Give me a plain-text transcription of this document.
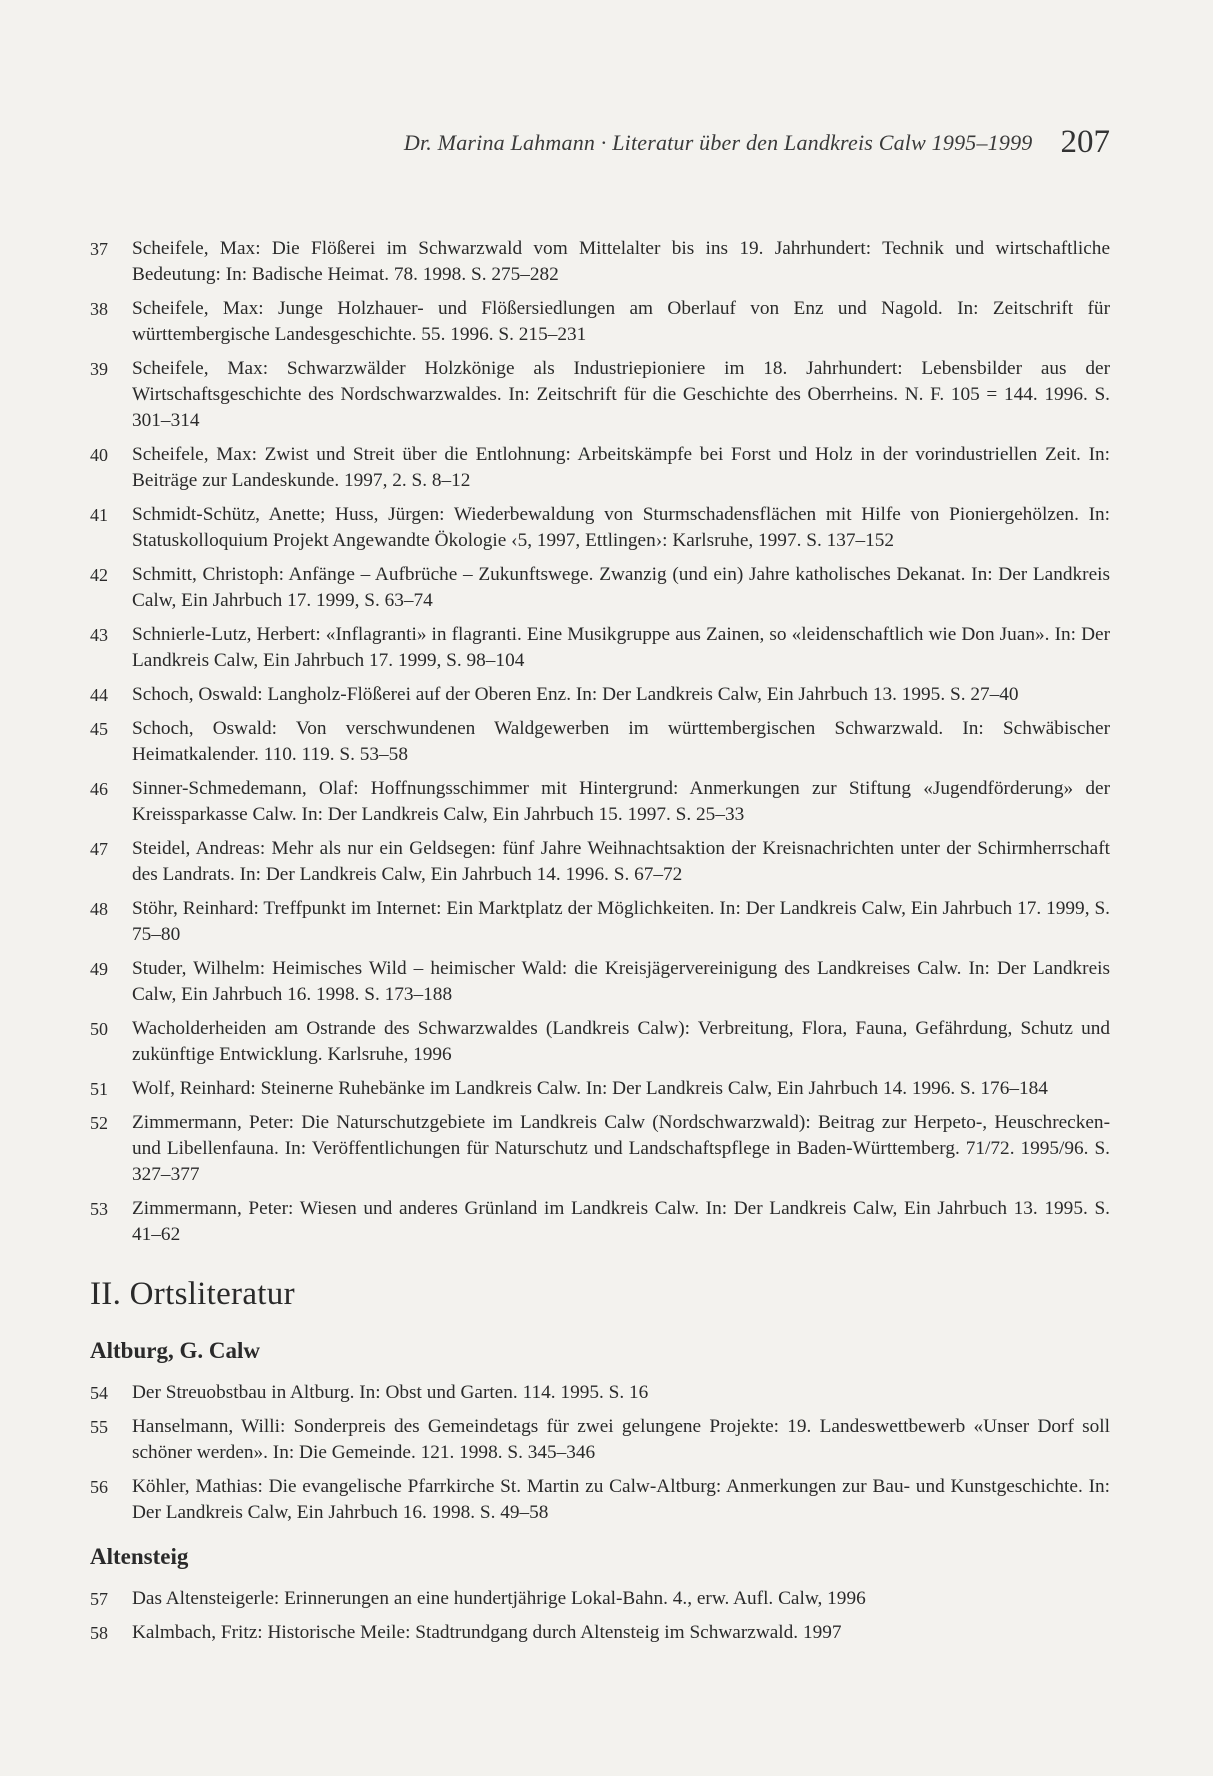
Dr. Marina Lahmann · Literatur über den Landkreis Calw 1995–1999 207
37	Scheifele, Max: Die Flößerei im Schwarzwald vom Mittelalter bis ins 19. Jahrhundert: Technik und wirtschaftliche Bedeutung: In: Badische Heimat. 78. 1998. S. 275–282
38	Scheifele, Max: Junge Holzhauer- und Flößersiedlungen am Oberlauf von Enz und Nagold. In: Zeitschrift für württembergische Landesgeschichte. 55. 1996. S. 215–231
39	Scheifele, Max: Schwarzwälder Holzkönige als Industriepioniere im 18. Jahrhundert: Lebensbilder aus der Wirtschaftsgeschichte des Nordschwarzwaldes. In: Zeitschrift für die Geschichte des Oberrheins. N. F. 105 = 144. 1996. S. 301–314
40	Scheifele, Max: Zwist und Streit über die Entlohnung: Arbeitskämpfe bei Forst und Holz in der vorindustriellen Zeit. In: Beiträge zur Landeskunde. 1997, 2. S. 8–12
41	Schmidt-Schütz, Anette; Huss, Jürgen: Wiederbewaldung von Sturmschadensflächen mit Hilfe von Pioniergehölzen. In: Statuskolloquium Projekt Angewandte Ökologie ‹5, 1997, Ettlingen›: Karlsruhe, 1997. S. 137–152
42	Schmitt, Christoph: Anfänge – Aufbrüche – Zukunftswege. Zwanzig (und ein) Jahre katholisches Dekanat. In: Der Landkreis Calw, Ein Jahrbuch 17. 1999, S. 63–74
43	Schnierle-Lutz, Herbert: «Inflagranti» in flagranti. Eine Musikgruppe aus Zainen, so «leidenschaftlich wie Don Juan». In: Der Landkreis Calw, Ein Jahrbuch 17. 1999, S. 98–104
44	Schoch, Oswald: Langholz-Flößerei auf der Oberen Enz. In: Der Landkreis Calw, Ein Jahrbuch 13. 1995. S. 27–40
45	Schoch, Oswald: Von verschwundenen Waldgewerben im württembergischen Schwarzwald. In: Schwäbischer Heimatkalender. 110. 119. S. 53–58
46	Sinner-Schmedemann, Olaf: Hoffnungsschimmer mit Hintergrund: Anmerkungen zur Stiftung «Jugendförderung» der Kreissparkasse Calw. In: Der Landkreis Calw, Ein Jahrbuch 15. 1997. S. 25–33
47	Steidel, Andreas: Mehr als nur ein Geldsegen: fünf Jahre Weihnachtsaktion der Kreisnachrichten unter der Schirmherrschaft des Landrats. In: Der Landkreis Calw, Ein Jahrbuch 14. 1996. S. 67–72
48	Stöhr, Reinhard: Treffpunkt im Internet: Ein Marktplatz der Möglichkeiten. In: Der Landkreis Calw, Ein Jahrbuch 17. 1999, S. 75–80
49	Studer, Wilhelm: Heimisches Wild – heimischer Wald: die Kreisjägervereinigung des Landkreises Calw. In: Der Landkreis Calw, Ein Jahrbuch 16. 1998. S. 173–188
50	Wacholderheiden am Ostrande des Schwarzwaldes (Landkreis Calw): Verbreitung, Flora, Fauna, Gefährdung, Schutz und zukünftige Entwicklung. Karlsruhe, 1996
51	Wolf, Reinhard: Steinerne Ruhebänke im Landkreis Calw. In: Der Landkreis Calw, Ein Jahrbuch 14. 1996. S. 176–184
52	Zimmermann, Peter: Die Naturschutzgebiete im Landkreis Calw (Nordschwarzwald): Beitrag zur Herpeto-, Heuschrecken- und Libellenfauna. In: Veröffentlichungen für Naturschutz und Landschaftspflege in Baden-Württemberg. 71/72. 1995/96. S. 327–377
53	Zimmermann, Peter: Wiesen und anderes Grünland im Landkreis Calw. In: Der Landkreis Calw, Ein Jahrbuch 13. 1995. S. 41–62
II. Ortsliteratur
Altburg, G. Calw
54	Der Streuobstbau in Altburg. In: Obst und Garten. 114. 1995. S. 16
55	Hanselmann, Willi: Sonderpreis des Gemeindetags für zwei gelungene Projekte: 19. Landeswettbewerb «Unser Dorf soll schöner werden». In: Die Gemeinde. 121. 1998. S. 345–346
56	Köhler, Mathias: Die evangelische Pfarrkirche St. Martin zu Calw-Altburg: Anmerkungen zur Bau- und Kunstgeschichte. In: Der Landkreis Calw, Ein Jahrbuch 16. 1998. S. 49–58
Altensteig
57	Das Altensteigerle: Erinnerungen an eine hundertjährige Lokal-Bahn. 4., erw. Aufl. Calw, 1996
58	Kalmbach, Fritz: Historische Meile: Stadtrundgang durch Altensteig im Schwarzwald. 1997
